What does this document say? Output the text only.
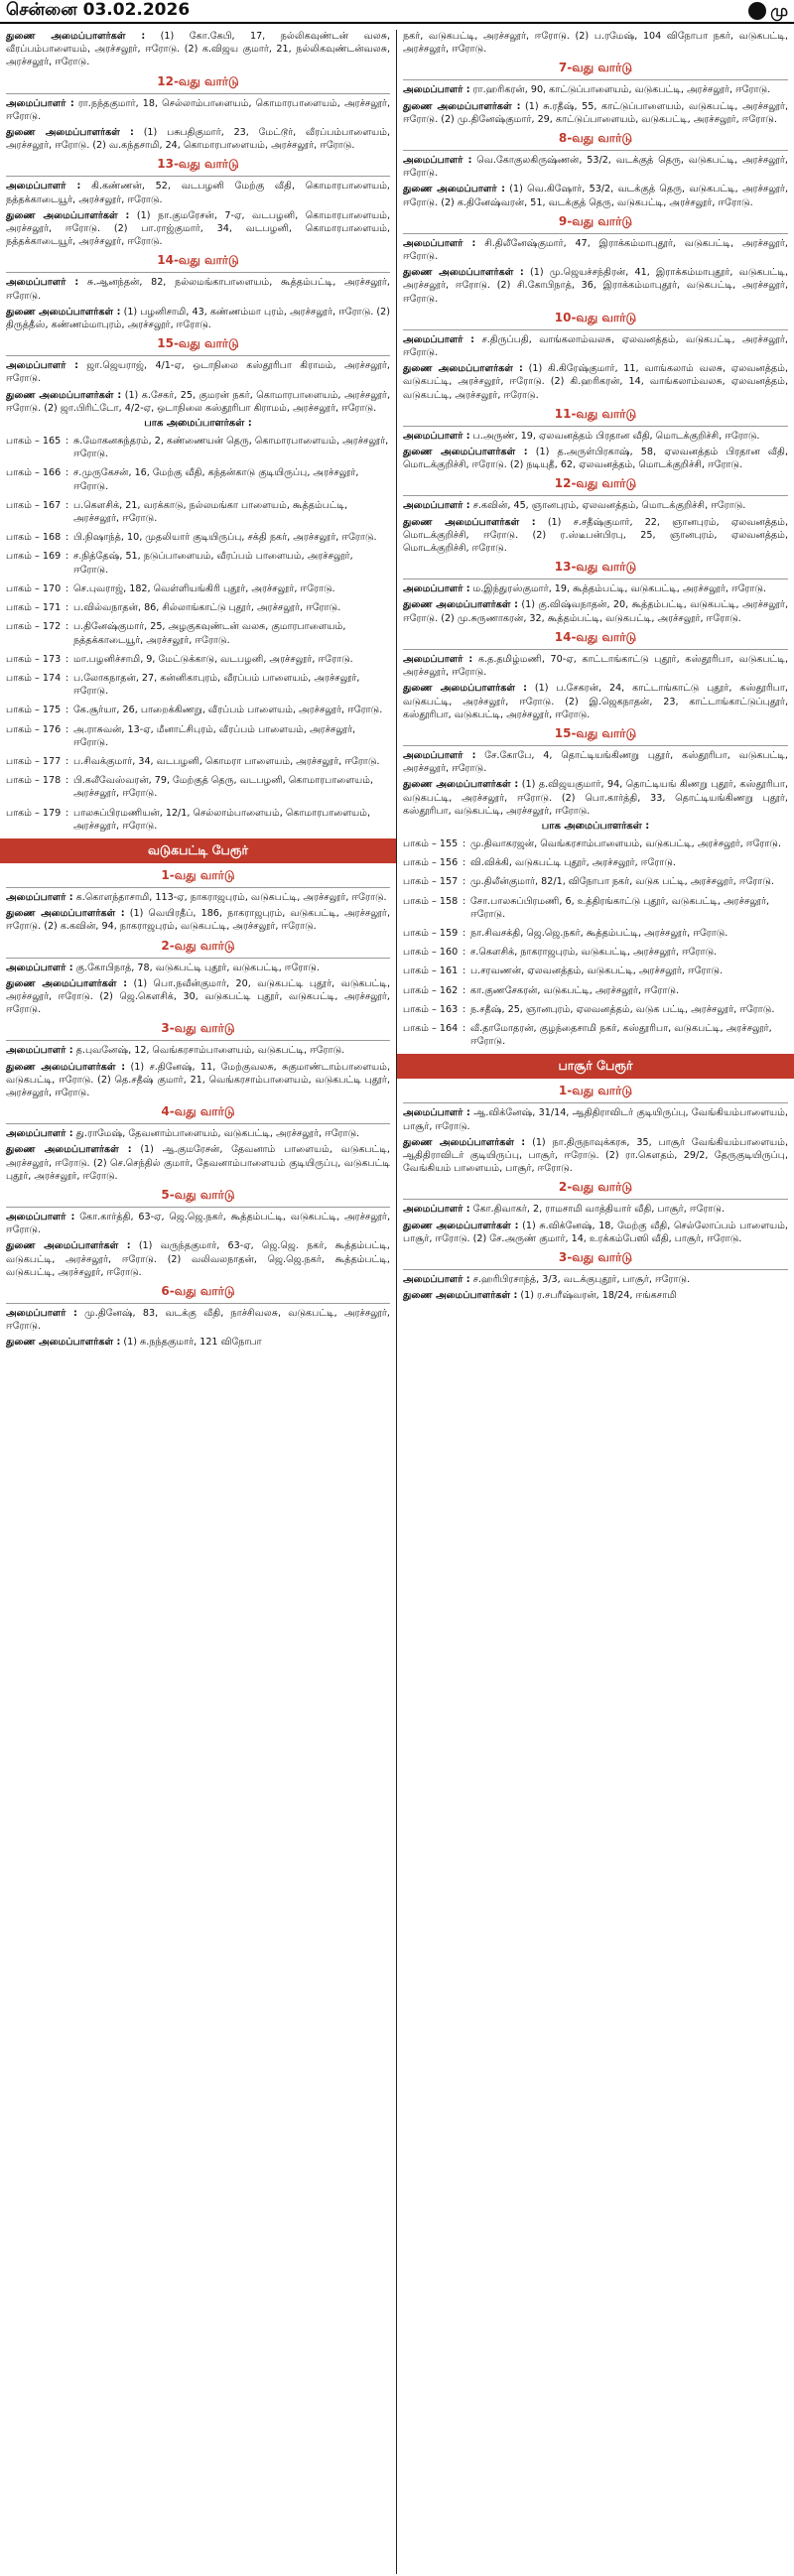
சென்னை 03.02.2026	மு

துணை அமைப்பாளர்கள் : (1) கோ.கேபி, 17, நல்லிகவுண்டன் வலசு, வீரப்பம்பாளையம், அரச்சலூர், ஈரோடு. (2) க.விஜய குமார், 21, நல்லிகவுண்டன்வலசு, அரச்சலூர், ஈரோடு.

12-வது வார்டு

அமைப்பாளர் : ரா.நந்தகுமார், 18, செல்லாம்பாளையம், கொமாரபாளையம், அரச்சலூர், ஈரோடு.

துணை அமைப்பாளர்கள் : (1) பசுபதிகுமார், 23, மேட்டூர், வீரப்பம்பாளையம், அரச்சலூர், ஈரோடு. (2) வ.கந்தசாமி, 24, கொமாரபாளையம், அரச்சலூர், ஈரோடு.

13-வது வார்டு

அமைப்பாளர் : கி.கண்ணன், 52, வடபழனி மேற்கு வீதி, கொமாரபாளையம், நத்தக்காடையூர், அரச்சலூர், ஈரோடு.

துணை அமைப்பாளர்கள் : (1) நா.குமரேசன், 7-ஏ, வடபழனி, கொமாரபாளையம், அரச்சலூர், ஈரோடு. (2) பா.ராஜ்குமார், 34, வடபழனி, கொமாரபாளையம், நத்தக்காடையூர், அரச்சலூர், ஈரோடு.

14-வது வார்டு

அமைப்பாளர் : சு.ஆனந்தன், 82, நல்லமங்காபாளையம், கூத்தம்பட்டி, அரச்சலூர், ஈரோடு.

துணை அமைப்பாளர்கள் : (1) பழனிசாமி, 43, கண்ணம்மா புரம், அரச்சலூர், ஈரோடு. (2) திருத்தீஸ், கண்ணம்மாபுரம், அரச்சலூர், ஈரோடு.

15-வது வார்டு

அமைப்பாளர் : ஜா.ஜெயராஜ், 4/1-ஏ, ஒடாநிலை கஸ்தூரிபா கிராமம், அரச்சலூர், ஈரோடு.

துணை அமைப்பாளர்கள் : (1) க.சேகர், 25, குமரன் நகர், கொமாரபாளையம், அரச்சலூர், ஈரோடு. (2) ஜா.பிரிட்டோ, 4/2-ஏ, ஒடாநிலை கஸ்தூரிபா கிராமம், அரச்சலூர், ஈரோடு.

பாக அமைப்பாளர்கள் :
பாகம் – 165 : சு.மோகனசுந்தரம், 2, கண்ணையன் தெரு, கொமாரபாளையம், அரச்சலூர், ஈரோடு.
பாகம் – 166 : ச.முருகேசன், 16, மேற்கு வீதி, கந்தன்காடு குடியிருப்பு, அரச்சலூர், ஈரோடு.
பாகம் – 167 : ப.கௌசிக், 21, வரக்காடு, நல்லமங்கா பாளையம், கூத்தம்பட்டி, அரச்சலூர், ஈரோடு.
பாகம் – 168 : பி.நிஷாந்த், 10, முதலியார் குடியிருப்பு, சக்தி நகர், அரச்சலூர், ஈரோடு.
பாகம் – 169 : ச.நித்தேஷ், 51, நடுப்பாளையம், வீரப்பம் பாளையம், அரச்சலூர், ஈரோடு.
பாகம் – 170 : செ.புவராஜ், 182, வெள்ளியங்கிரி புதூர், அரச்சலூர், ஈரோடு.
பாகம் – 171 : ப.வில்வநாதன், 86, சில்லாங்காட்டு புதூர், அரச்சலூர், ஈரோடு.
பாகம் – 172 : ப.தினேஷ்குமார், 25, அழகுகவுண்டன் வலசு, குமாரபாளையம், நத்தக்காடையூர், அரச்சலூர், ஈரோடு.
பாகம் – 173 : மா.பழனிச்சாமி, 9, மேட்டுக்காடு, வடபழனி, அரச்சலூர், ஈரோடு.
பாகம் – 174 : ப.லோகநாதன், 27, கன்னிகாபுரம், வீரப்பம் பாளையம், அரச்சலூர், ஈரோடு.
பாகம் – 175 : கே.சூர்யா, 26, பாறைக்கிணறு, வீரப்பம் பாளையம், அரச்சலூர், ஈரோடு.
பாகம் – 176 : அ.ராசுவன், 13-ஏ, மீனாட்சிபுரம், வீரப்பம் பாளையம், அரச்சலூர், ஈரோடு.
பாகம் – 177 : ப.சிவக்குமார், 34, வடபழனி, கொமரா பாளையம், அரச்சலூர், ஈரோடு.
பாகம் – 178 : பி.கலீவேஸ்வரன், 79, மேற்குத் தெரு, வடபழனி, கொமாரபாளையம், அரச்சலூர், ஈரோடு.
பாகம் – 179 : பாலசுப்பிரமணியன், 12/1, செல்லாம்பாளையம், கொமாரபாளையம், அரச்சலூர், ஈரோடு.
வடுகபட்டி பேரூர்
1-வது வார்டு

அமைப்பாளர் : க.கொளந்தாசாமி, 113-ஏ, நாகராஜபுரம், வடுகபட்டி, அரச்சலூர், ஈரோடு.

துணை அமைப்பாளர்கள் : (1) வெயிரதீப், 186, நாகராஜபுரம், வடுகபட்டி, அரச்சலூர், ஈரோடு. (2) க.கவின், 94, நாகராஜபுரம், வடுகபட்டி, அரச்சலூர், ஈரோடு.

2-வது வார்டு

அமைப்பாளர் : கு.கோபிநாத், 78, வடுகபட்டி புதூர், வடுகபட்டி, ஈரோடு.

துணை அமைப்பாளர்கள் : (1) பொ.நவீன்குமார், 20, வடுகபட்டி புதூர், வடுகபட்டி, அரச்சலூர், ஈரோடு. (2) ஜெ.கௌசிக், 30, வடுகபட்டி புதூர், வடுகபட்டி, அரச்சலூர், ஈரோடு.

3-வது வார்டு

அமைப்பாளர் : த.புவனேஷ், 12, வெங்கரசாம்பாளையம், வடுகபட்டி, ஈரோடு.

துணை அமைப்பாளர்கள் : (1) ச.தினேஷ், 11, மேற்குவலசு, சுகுமாண்டாம்பாளையம், வடுகபட்டி, ஈரோடு. (2) தெ.சதீஷ் குமார், 21, வெங்கரசாம்பாளையம், வடுகபட்டி புதூர், அரச்சலூர், ஈரோடு.

4-வது வார்டு

அமைப்பாளர் : து.ராமேஷ், தேவனாம்பாளையம், வடுகபட்டி, அரச்சலூர், ஈரோடு.

துணை அமைப்பாளர்கள் : (1) ஆ.குமரேசன், தேவனாம் பாளையம், வடுகபட்டி, அரச்சலூர், ஈரோடு. (2) செ.செந்தில் குமார், தேவனாம்பாளையம் குடியிருப்பு, வடுகபட்டி புதூர், அரச்சலூர், ஈரோடு.

5-வது வார்டு

அமைப்பாளர் : கோ.கார்த்தி, 63-ஏ, ஜெ.ஜெ.நகர், கூத்தம்பட்டி, வடுகபட்டி, அரச்சலூர், ஈரோடு.

துணை அமைப்பாளர்கள் : (1) வருந்தகுமார், 63-ஏ, ஜெ.ஜெ. நகர், கூத்தம்பட்டி, வடுகபட்டி, அரச்சலூர், ஈரோடு. (2) வலிவலநாதன், ஜெ.ஜெ.நகர், கூத்தம்பட்டி, வடுகபட்டி, அரச்சலூர், ஈரோடு.

6-வது வார்டு

அமைப்பாளர் : மு.தினேஷ், 83, வடக்கு வீதி, நாச்சிவலசு, வடுகபட்டி, அரச்சலூர், ஈரோடு.

துணை அமைப்பாளர்கள் : (1) சு.நந்தகுமார், 121 விநோபா

நகர், வடுகபட்டி, அரச்சலூர், ஈரோடு. (2) ப.ரமேஷ், 104 விநோபா நகர், வடுகபட்டி, அரச்சலூர், ஈரோடு.

7-வது வார்டு

அமைப்பாளர் : ரா.ஹரிகரன், 90, காட்டுப்பாளையம், வடுகபட்டி, அரச்சலூர், ஈரோடு.

துணை அமைப்பாளர்கள் : (1) சு.ரதீஷ், 55, காட்டுப்பாளையம், வடுகபட்டி, அரச்சலூர், ஈரோடு. (2) மு.தினேஷ்குமார், 29, காட்டுப்பாளையம், வடுகபட்டி, அரச்சலூர், ஈரோடு.

8-வது வார்டு

அமைப்பாளர் : வெ.கோகுலகிருஷ்ணன், 53/2, வடக்குத் தெரு, வடுகபட்டி, அரச்சலூர், ஈரோடு.

துணை அமைப்பாளர் : (1) வெ.கிஷோர், 53/2, வடக்குத் தெரு, வடுகபட்டி, அரச்சலூர், ஈரோடு. (2) க.தினேஷ்வரன், 51, வடக்குத் தெரு, வடுகபட்டி, அரச்சலூர், ஈரோடு.

9-வது வார்டு

அமைப்பாளர் : சி.திலீனேஷ்குமார், 47, இராக்கம்மாபுதூர், வடுகபட்டி, அரச்சலூர், ஈரோடு.

துணை அமைப்பாளர்கள் : (1) மு.ஜெயச்சந்திரன், 41, இராக்கம்மாபுதூர், வடுகபட்டி, அரச்சலூர், ஈரோடு. (2) சி.கோபிநாத், 36, இராக்கம்மாபுதூர், வடுகபட்டி, அரச்சலூர், ஈரோடு.

10-வது வார்டு

அமைப்பாளர் : ச.திருப்பதி, வாங்கலாம்வலசு, ஏலவனத்தம், வடுகபட்டி, அரச்சலூர், ஈரோடு.

துணை அமைப்பாளர்கள் : (1) கி.கிரேஷ்குமார், 11, வாங்கலாம் வலசு, ஏலவனத்தம், வடுகபட்டி, அரச்சலூர், ஈரோடு. (2) கி.ஹரிகரன், 14, வாங்கலாம்வலசு, ஏலவனத்தம், வடுகபட்டி, அரச்சலூர், ஈரோடு.

11-வது வார்டு

அமைப்பாளர் : ப.அருண், 19, ஏலவனத்தம் பிரதான வீதி, மொடக்குறிச்சி, ஈரோடு.

துணை அமைப்பாளர்கள் : (1) த.அருள்பிரகாஷ், 58, ஏலவனத்தம் பிரதான வீதி, மொடக்குறிச்சி, ஈரோடு. (2) நடியுதீ, 62, ஏலவனத்தம், மொடக்குறிச்சி, ஈரோடு.

12-வது வார்டு

அமைப்பாளர் : ச.கவின், 45, ஞானபுரம், ஏலவனத்தம், மொடக்குறிச்சி, ஈரோடு.

துணை அமைப்பாளர்கள் : (1) ச.சதீஷ்குமார், 22, ஞானபுரம், ஏலவனத்தம், மொடக்குறிச்சி, ஈரோடு. (2) ர.ஸ்டீபன்பிரபு, 25, ஞானபுரம், ஏலவனத்தம், மொடக்குறிச்சி, ஈரோடு.

13-வது வார்டு

அமைப்பாளர் : ம.இந்துரஸ்குமார், 19, கூத்தம்பட்டி, வடுகபட்டி, அரச்சலூர், ஈரோடு.

துணை அமைப்பாளர்கள் : (1) கு.விஷ்வநாதன், 20, கூத்தம்பட்டி, வடுகபட்டி, அரச்சலூர், ஈரோடு. (2) மு.சுருணாகரன், 32, கூத்தம்பட்டி, வடுகபட்டி, அரச்சலூர், ஈரோடு.

14-வது வார்டு

அமைப்பாளர் : க.த.தமிழ்மணி, 70-ஏ, காட்டாங்காட்டு புதூர், கஸ்தூரிபா, வடுகபட்டி, அரச்சலூர், ஈரோடு.

துணை அமைப்பாளர்கள் : (1) ப.சேகரன், 24, காட்டாங்காட்டு புதூர், கஸ்தூரிபா, வடுகபட்டி, அரச்சலூர், ஈரோடு. (2) இ.ஜெகநாதன், 23, காட்டாங்காட்டுப்புதூர், கஸ்தூரிபா, வடுகபட்டி, அரச்சலூர், ஈரோடு.

15-வது வார்டு

அமைப்பாளர் : சே.கோபே, 4, தொட்டியங்கிணறு புதூர், கஸ்தூரிபா, வடுகபட்டி, அரச்சலூர், ஈரோடு.

துணை அமைப்பாளர்கள் : (1) த.விஜயகுமார், 94, தொட்டியங் கிணறு புதூர், கஸ்தூரிபா, வடுகபட்டி, அரச்சலூர், ஈரோடு. (2) பொ.கார்த்தி, 33, தொட்டியங்கிணறு புதூர், கஸ்தூரிபா, வடுகபட்டி, அரச்சலூர், ஈரோடு.

பாக அமைப்பாளர்கள் :
பாகம் – 155 : மு.திவாகரஜன், வெங்கரசாம்பாளையம், வடுகபட்டி, அரச்சலூர், ஈரோடு.
பாகம் – 156 : வி.விக்கி, வடுகபட்டி புதூர், அரச்சலூர், ஈரோடு.
பாகம் – 157 : மு.திலீன்குமார், 82/1, விநோபா நகர், வடுக பட்டி, அரச்சலூர், ஈரோடு.
பாகம் – 158 : சோ.பாலசுப்பிரமணி, 6, உத்திரங்காட்டு புதூர், வடுகபட்டி, அரச்சலூர், ஈரோடு.
பாகம் – 159 : நா.சிவசக்தி, ஜெ.ஜெ.நகர், கூத்தம்பட்டி, அரச்சலூர், ஈரோடு.
பாகம் – 160 : ச.கௌசிக், நாகராஜபுரம், வடுகபட்டி, அரச்சலூர், ஈரோடு.
பாகம் – 161 : ப.சரவணன், ஏலவனத்தம், வடுகபட்டி, அரச்சலூர், ஈரோடு.
பாகம் – 162 : கா.குணசேகரன், வடுகபட்டி, அரச்சலூர், ஈரோடு.
பாகம் – 163 : ந.சதீஷ், 25, ஞானபுரம், ஏலவனத்தம், வடுக பட்டி, அரச்சலூர், ஈரோடு.
பாகம் – 164 : வீ.தாமோதரன், குழந்தைசாமி நகர், கஸ்தூரிபா, வடுகபட்டி, அரச்சலூர், ஈரோடு.
பாசூர் பேரூர்
1-வது வார்டு

அமைப்பாளர் : ஆ.விக்னேஷ், 31/14, ஆதிதிராவிடர் குடியிருப்பு, வேங்கியம்பாளையம், பாசூர், ஈரோடு.

துணை அமைப்பாளர்கள் : (1) நா.திருநாவுக்கரசு, 35, பாசூர் வேங்கியம்பாளையம், ஆதிதிராவிடர் குடியிருப்பு, பாசூர், ஈரோடு. (2) ரா.கௌதம், 29/2, தேருகுடியிருப்பு, வேங்கியம் பாளையம், பாசூர், ஈரோடு.

2-வது வார்டு

அமைப்பாளர் : கோ.திவாகர், 2, ராமசாமி வாத்தியார் வீதி, பாசூர், ஈரோடு.

துணை அமைப்பாளர்கள் : (1) சு.விக்னேஷ், 18, மேற்கு வீதி, செல்லோப்பம் பாளையம், பாசூர், ஈரோடு. (2) சே.அருண் குமார், 14, உரக்கம்பேஸி வீதி, பாசூர், ஈரோடு.

3-வது வார்டு

அமைப்பாளர் : ச.ஹரிபிரசாந்த், 3/3, வடக்குபுதூர், பாசூர், ஈரோடு.

துணை அமைப்பாளர்கள் : (1) ர.சபரீஷ்வரன், 18/24, ஈங்கசாமி
